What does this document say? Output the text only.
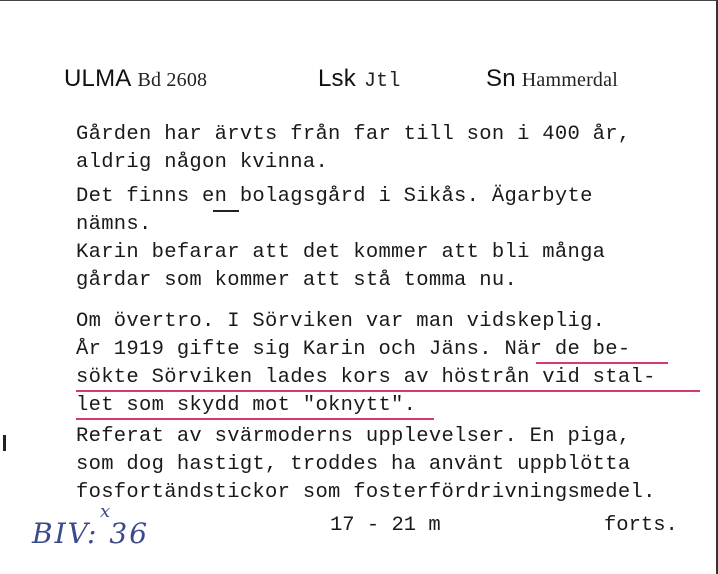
ULMA Bd 2608	Lsk Jtl	Sn Hammerdal
Gården har ärvts från far till son i 400 år,
aldrig någon kvinna.
Det finns en bolagsgård i Sikås. Ägarbyte
nämns.
Karin befarar att det kommer att bli många
gårdar som kommer att stå tomma nu.
Om övertro. I Sörviken var man vidskeplig.
År 1919 gifte sig Karin och Jäns. När de be-
sökte Sörviken lades kors av höstrån vid stal-
let som skydd mot "oknytt".
Referat av svärmoderns upplevelser. En piga,
som dog hastigt, troddes ha använt uppblötta
fosfortändstickor som fosterfördrivningsmedel.
BIV: 36
x
17 - 21 m	forts.
